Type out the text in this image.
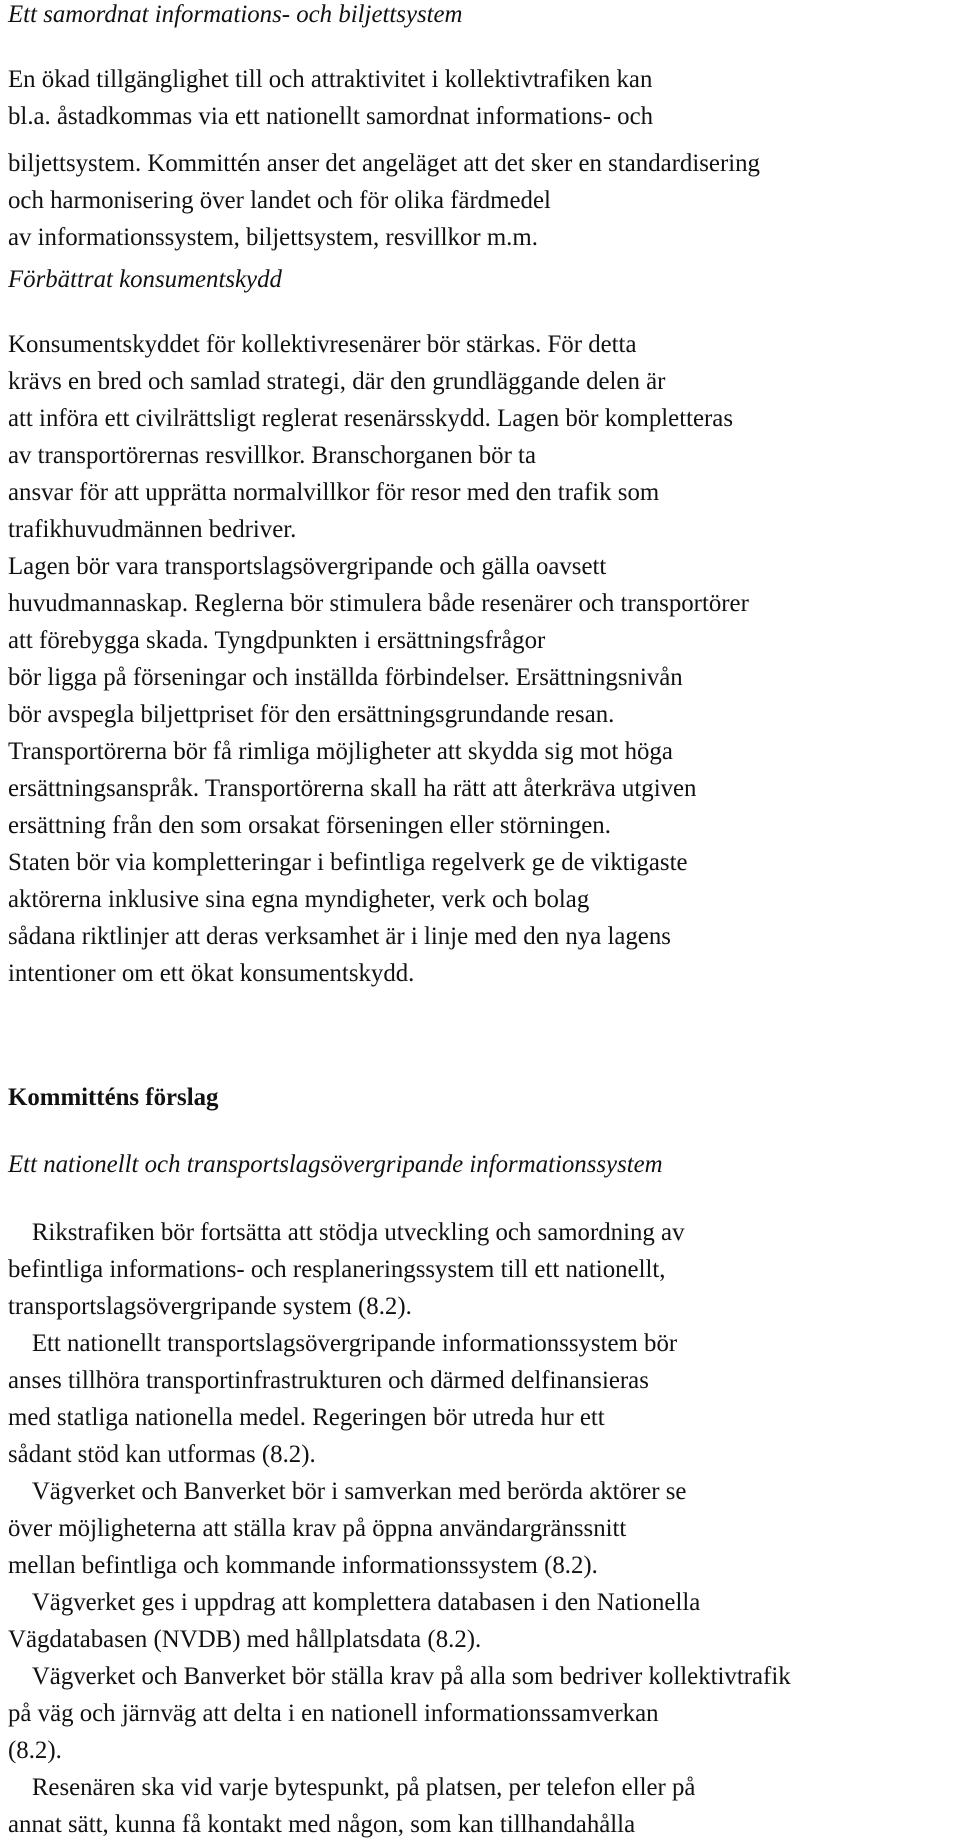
Ett samordnat informations- och biljettsystem
En ökad tillgänglighet till och attraktivitet i kollektivtrafiken kan
bl.a. åstadkommas via ett nationellt samordnat informations- och
biljettsystem. Kommittén anser det angeläget att det sker en standardisering
och harmonisering över landet och för olika färdmedel
av informationssystem, biljettsystem, resvillkor m.m.
Förbättrat konsumentskydd
Konsumentskyddet för kollektivresenärer bör stärkas. För detta
krävs en bred och samlad strategi, där den grundläggande delen är
att införa ett civilrättsligt reglerat resenärsskydd. Lagen bör kompletteras
av transportörernas resvillkor. Branschorganen bör ta
ansvar för att upprätta normalvillkor för resor med den trafik som
trafikhuvudmännen bedriver.
Lagen bör vara transportslagsövergripande och gälla oavsett
huvudmannaskap. Reglerna bör stimulera både resenärer och transportörer
att förebygga skada. Tyngdpunkten i ersättningsfrågor
bör ligga på förseningar och inställda förbindelser. Ersättningsnivån
bör avspegla biljettpriset för den ersättningsgrundande resan.
Transportörerna bör få rimliga möjligheter att skydda sig mot höga
ersättningsanspråk. Transportörerna skall ha rätt att återkräva utgiven
ersättning från den som orsakat förseningen eller störningen.
Staten bör via kompletteringar i befintliga regelverk ge de viktigaste
aktörerna inklusive sina egna myndigheter, verk och bolag
sådana riktlinjer att deras verksamhet är i linje med den nya lagens
intentioner om ett ökat konsumentskydd.
Kommitténs förslag
Ett nationellt och transportslagsövergripande informationssystem
Rikstrafiken bör fortsätta att stödja utveckling och samordning av
befintliga informations- och resplaneringssystem till ett nationellt,
transportslagsövergripande system (8.2).
Ett nationellt transportslagsövergripande informationssystem bör
anses tillhöra transportinfrastrukturen och därmed delfinansieras
med statliga nationella medel. Regeringen bör utreda hur ett
sådant stöd kan utformas (8.2).
Vägverket och Banverket bör i samverkan med berörda aktörer se
över möjligheterna att ställa krav på öppna användargränssnitt
mellan befintliga och kommande informationssystem (8.2).
Vägverket ges i uppdrag att komplettera databasen i den Nationella
Vägdatabasen (NVDB) med hållplatsdata (8.2).
Vägverket och Banverket bör ställa krav på alla som bedriver kollektivtrafik
på väg och järnväg att delta i en nationell informationssamverkan
(8.2).
Resenären ska vid varje bytespunkt, på platsen, per telefon eller på
annat sätt, kunna få kontakt med någon, som kan tillhandahålla
